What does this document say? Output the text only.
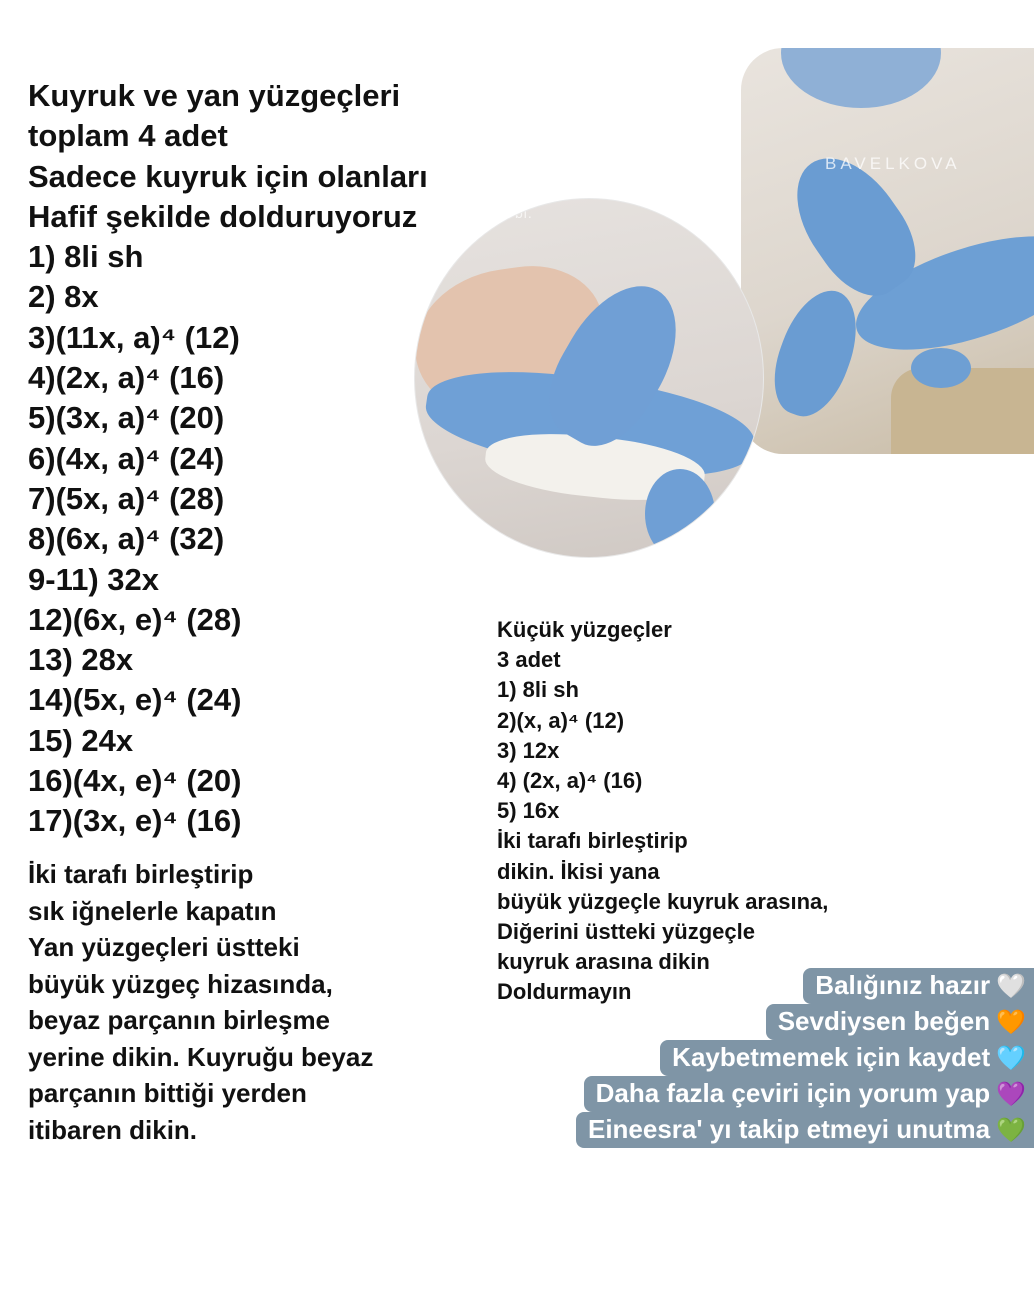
Kuyruk ve yan yüzgeçleri
toplam 4 adet
Sadece kuyruk için olanları
Hafif şekilde dolduruyoruz
1) 8li sh
2) 8x
3)(11x, a)⁴ (12)
4)(2x, a)⁴ (16)
5)(3x, a)⁴ (20)
6)(4x, a)⁴ (24)
7)(5x, a)⁴ (28)
8)(6x, a)⁴ (32)
9-11) 32x
12)(6x, e)⁴ (28)
13) 28x
14)(5x, e)⁴ (24)
15) 24x
16)(4x, e)⁴ (20)
17)(3x, e)⁴ (16)
İki tarafı birleştirip
sık iğnelerle kapatın
Yan yüzgeçleri üstteki
büyük yüzgeç hizasında,
beyaz parçanın birleşme
yerine dikin. Kuyruğu beyaz
parçanın bittiği yerden
itibaren dikin.
BAVELKOVA
bi.
Küçük yüzgeçler
3 adet
1) 8li sh
2)(x, a)⁴ (12)
3) 12x
4) (2x, a)⁴ (16)
5) 16x
İki tarafı birleştirip
dikin. İkisi yana
büyük yüzgeçle kuyruk arasına,
Diğerini üstteki yüzgeçle
kuyruk arasına dikin
Doldurmayın	Balığınız hazır 🤍
Sevdiysen beğen 🧡
Kaybetmemek için kaydet 🩵
Daha fazla çeviri için yorum yap 💜
Eineesra' yı takip etmeyi unutma 💚
